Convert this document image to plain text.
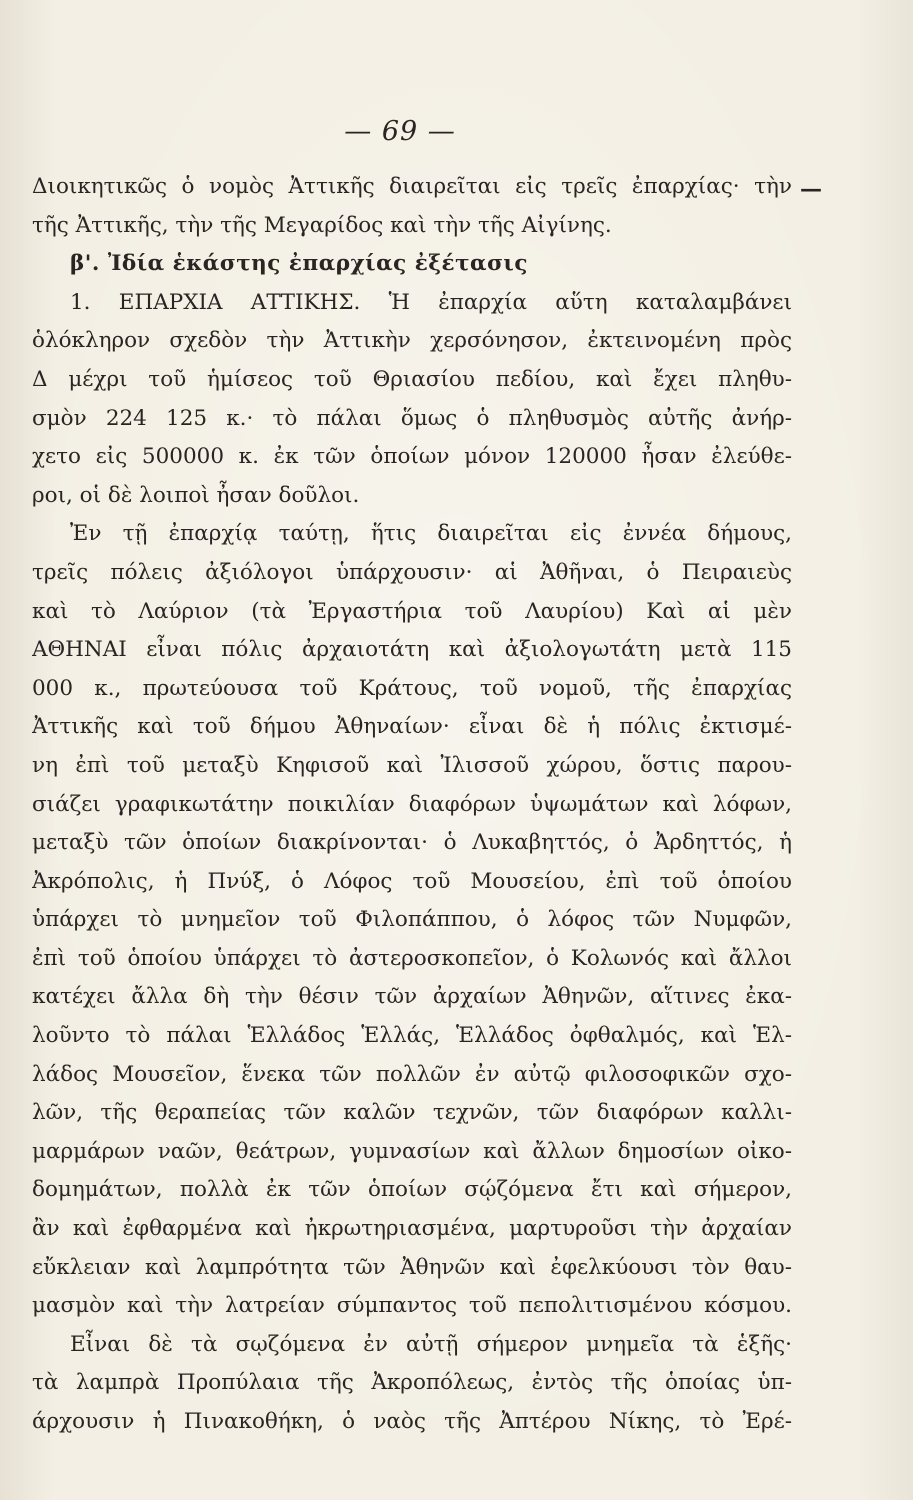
— 69 —
—
Διοικητικῶς ὁ νομὸς Ἀττικῆς διαιρεῖται εἰς τρεῖς ἐπαρχίας· τὴν
τῆς Ἀττικῆς, τὴν τῆς Μεγαρίδος καὶ τὴν τῆς Αἰγίνης.
β'. Ἰδία ἑκάστης ἐπαρχίας ἐξέτασις
1. ΕΠΑΡΧΙΑ ΑΤΤΙΚΗΣ. Ἡ ἐπαρχία αὕτη καταλαμβάνει
ὁλόκληρον σχεδὸν τὴν Ἀττικὴν χερσόνησον, ἐκτεινομένη πρὸς
Δ μέχρι τοῦ ἡμίσεος τοῦ Θριασίου πεδίου, καὶ ἔχει πληθυ-
σμὸν 224 125 κ.· τὸ πάλαι ὅμως ὁ πληθυσμὸς αὐτῆς ἀνήρ-
χετο εἰς 500000 κ. ἐκ τῶν ὁποίων μόνον 120000 ἦσαν ἐλεύθε-
ροι, οἱ δὲ λοιποὶ ἦσαν δοῦλοι.
Ἐν τῇ ἐπαρχίᾳ ταύτῃ, ἥτις διαιρεῖται εἰς ἐννέα δήμους,
τρεῖς πόλεις ἀξιόλογοι ὑπάρχουσιν· αἱ Ἀθῆναι, ὁ Πειραιεὺς
καὶ τὸ Λαύριον (τὰ Ἐργαστήρια τοῦ Λαυρίου) Καὶ αἱ μὲν
ΑΘΗΝΑΙ εἶναι πόλις ἀρχαιοτάτη καὶ ἀξιολογωτάτη μετὰ 115
000 κ., πρωτεύουσα τοῦ Κράτους, τοῦ νομοῦ, τῆς ἐπαρχίας
Ἀττικῆς καὶ τοῦ δήμου Ἀθηναίων· εἶναι δὲ ἡ πόλις ἐκτισμέ-
νη ἐπὶ τοῦ μεταξὺ Κηφισοῦ καὶ Ἰλισσοῦ χώρου, ὅστις παρου-
σιάζει γραφικωτάτην ποικιλίαν διαφόρων ὑψωμάτων καὶ λόφων,
μεταξὺ τῶν ὁποίων διακρίνονται· ὁ Λυκαβηττός, ὁ Ἀρδηττός, ἡ
Ἀκρόπολις, ἡ Πνύξ, ὁ Λόφος τοῦ Μουσείου, ἐπὶ τοῦ ὁποίου
ὑπάρχει τὸ μνημεῖον τοῦ Φιλοπάππου, ὁ λόφος τῶν Νυμφῶν,
ἐπὶ τοῦ ὁποίου ὑπάρχει τὸ ἀστεροσκοπεῖον, ὁ Κολωνός καὶ ἄλλοι
κατέχει ἄλλα δὴ τὴν θέσιν τῶν ἀρχαίων Ἀθηνῶν, αἵτινες ἐκα-
λοῦντο τὸ πάλαι Ἑλλάδος Ἑλλάς, Ἑλλάδος ὀφθαλμός, καὶ Ἑλ-
λάδος Μουσεῖον, ἕνεκα τῶν πολλῶν ἐν αὐτῷ φιλοσοφικῶν σχο-
λῶν, τῆς θεραπείας τῶν καλῶν τεχνῶν, τῶν διαφόρων καλλι-
μαρμάρων ναῶν, θεάτρων, γυμνασίων καὶ ἄλλων δημοσίων οἰκο-
δομημάτων, πολλὰ ἐκ τῶν ὁποίων σῴζόμενα ἔτι καὶ σήμερον,
ἂν καὶ ἐφθαρμένα καὶ ἠκρωτηριασμένα, μαρτυροῦσι τὴν ἀρχαίαν
εὔκλειαν καὶ λαμπρότητα τῶν Ἀθηνῶν καὶ ἐφελκύουσι τὸν θαυ-
μασμὸν καὶ τὴν λατρείαν σύμπαντος τοῦ πεπολιτισμένου κόσμου.
Εἶναι δὲ τὰ σῳζόμενα ἐν αὐτῇ σήμερον μνημεῖα τὰ ἑξῆς·
τὰ λαμπρὰ Προπύλαια τῆς Ἀκροπόλεως, ἐντὸς τῆς ὁποίας ὑπ-
άρχουσιν ἡ Πινακοθήκη, ὁ ναὸς τῆς Ἀπτέρου Νίκης, τὸ Ἐρέ-
